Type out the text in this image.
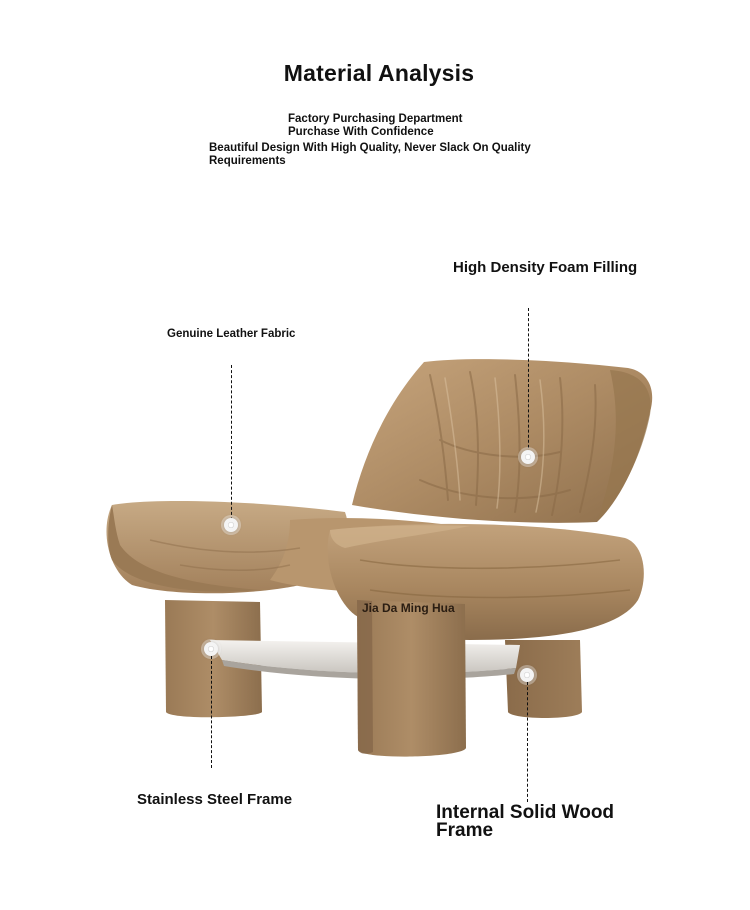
Material Analysis
Factory Purchasing Department
Purchase With Confidence
Beautiful Design With High Quality, Never Slack On Quality Requirements
Jia Da Ming Hua
High Density Foam Filling
Genuine Leather Fabric
Stainless Steel Frame
Internal Solid Wood Frame
